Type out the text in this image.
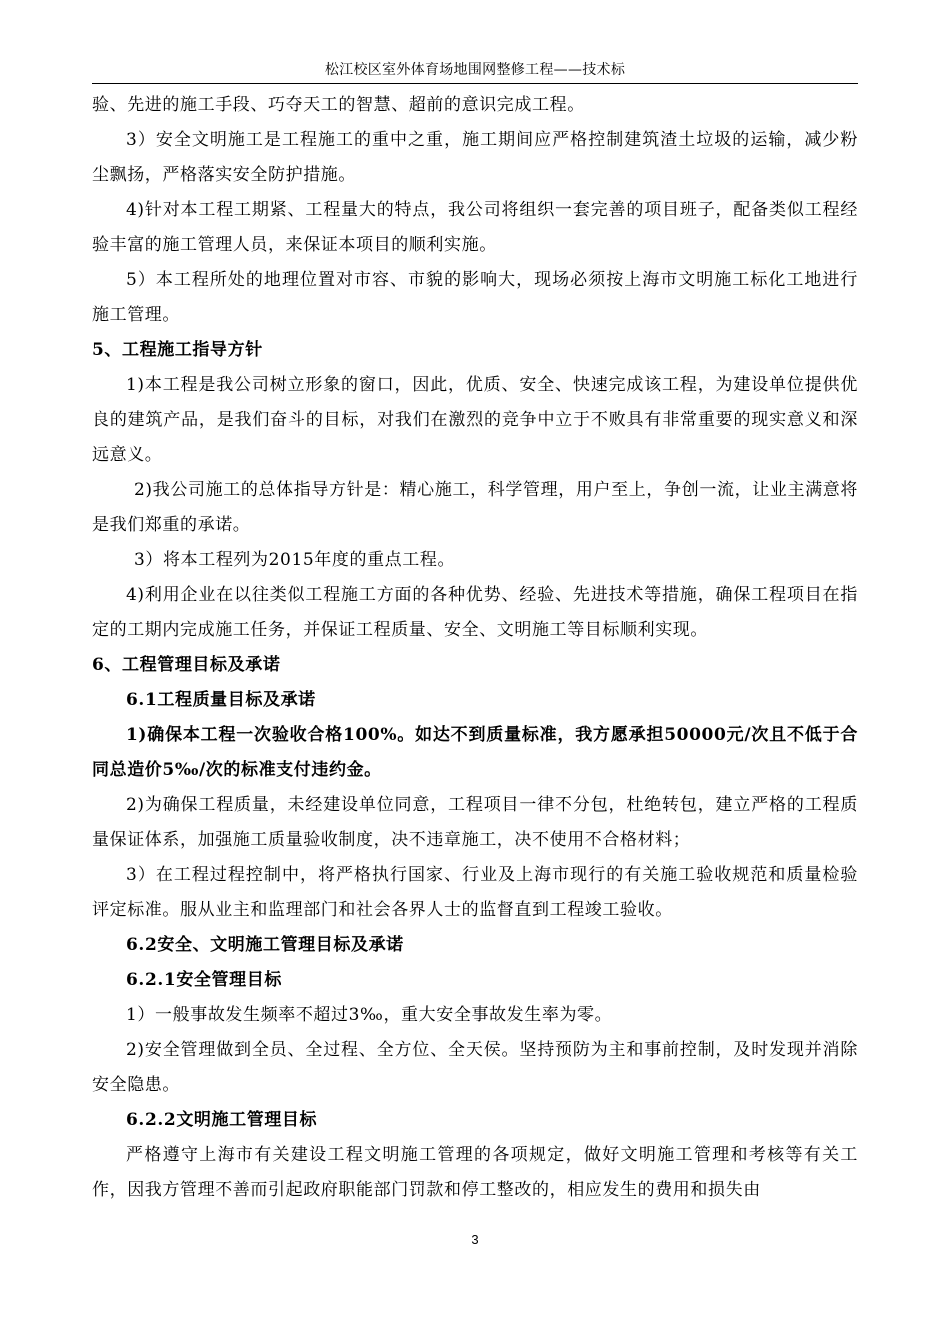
松江校区室外体育场地围网整修工程——技术标

验、先进的施工手段、巧夺天工的智慧、超前的意识完成工程。

3）安全文明施工是工程施工的重中之重，施工期间应严格控制建筑渣土垃圾的运输，减少粉尘飘扬，严格落实安全防护措施。

4)针对本工程工期紧、工程量大的特点，我公司将组织一套完善的项目班子，配备类似工程经验丰富的施工管理人员，来保证本项目的顺利实施。

5）本工程所处的地理位置对市容、市貌的影响大，现场必须按上海市文明施工标化工地进行施工管理。

5、工程施工指导方针

1)本工程是我公司树立形象的窗口，因此，优质、安全、快速完成该工程，为建设单位提供优良的建筑产品，是我们奋斗的目标，对我们在激烈的竞争中立于不败具有非常重要的现实意义和深远意义。

2)我公司施工的总体指导方针是：精心施工，科学管理，用户至上，争创一流，让业主满意将是我们郑重的承诺。

3）将本工程列为2015年度的重点工程。

4)利用企业在以往类似工程施工方面的各种优势、经验、先进技术等措施，确保工程项目在指定的工期内完成施工任务，并保证工程质量、安全、文明施工等目标顺利实现。

6、工程管理目标及承诺

6.1工程质量目标及承诺

1)确保本工程一次验收合格100%。如达不到质量标准，我方愿承担50000元/次且不低于合同总造价5‰/次的标准支付违约金。

2)为确保工程质量，未经建设单位同意，工程项目一律不分包，杜绝转包，建立严格的工程质量保证体系，加强施工质量验收制度，决不违章施工，决不使用不合格材料；

3）在工程过程控制中，将严格执行国家、行业及上海市现行的有关施工验收规范和质量检验评定标准。服从业主和监理部门和社会各界人士的监督直到工程竣工验收。

6.2安全、文明施工管理目标及承诺

6.2.1安全管理目标

1）一般事故发生频率不超过3‰，重大安全事故发生率为零。

2)安全管理做到全员、全过程、全方位、全天侯。坚持预防为主和事前控制，及时发现并消除安全隐患。

6.2.2文明施工管理目标

严格遵守上海市有关建设工程文明施工管理的各项规定，做好文明施工管理和考核等有关工作，因我方管理不善而引起政府职能部门罚款和停工整改的，相应发生的费用和损失由

3
